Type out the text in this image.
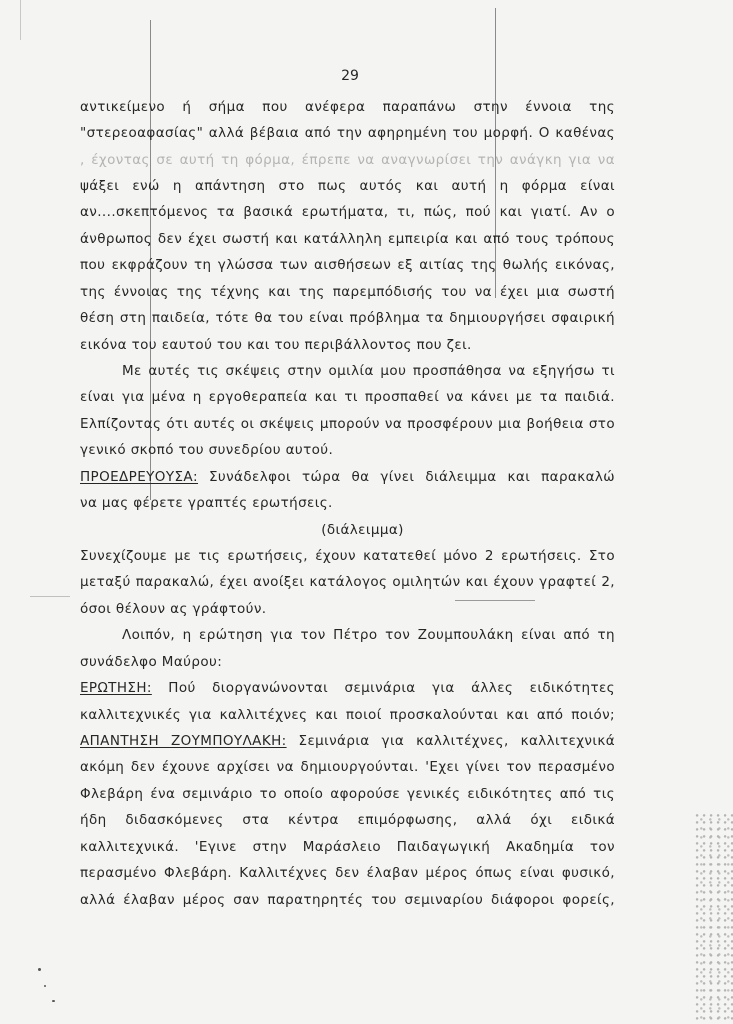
29
αντικείμενο ή σήμα που ανέφερα παραπάνω στην έννοια της
"στερεοαφασίας" αλλά βέβαια από την αφηρημένη του μορφή. Ο καθένας
, έχοντας σε αυτή τη φόρμα, έπρεπε να αναγνωρίσει την ανάγκη για να
ψάξει ενώ η απάντηση στο πως αυτός και αυτή η φόρμα είναι
αν....σκεπτόμενος τα βασικά ερωτήματα, τι, πώς, πού και γιατί. Αν ο
άνθρωπος δεν έχει σωστή και κατάλληλη εμπειρία και από τους τρόπους
που εκφράζουν τη γλώσσα των αισθήσεων εξ αιτίας της θωλής εικόνας,
της έννοιας της τέχνης και της παρεμπόδισής του να έχει μια σωστή
θέση στη παιδεία, τότε θα του είναι πρόβλημα τα δημιουργήσει σφαιρική
εικόνα του εαυτού του και του περιβάλλοντος που ζει.
Με αυτές τις σκέψεις στην ομιλία μου προσπάθησα να εξηγήσω τι
είναι για μένα η εργοθεραπεία και τι προσπαθεί να κάνει με τα παιδιά.
Ελπίζοντας ότι αυτές οι σκέψεις μπορούν να προσφέρουν μια βοήθεια στο
γενικό σκοπό του συνεδρίου αυτού.
ΠΡΟΕΔΡΕΥΟΥΣΑ: Συνάδελφοι τώρα θα γίνει διάλειμμα και παρακαλώ
να μας φέρετε γραπτές ερωτήσεις.
(διάλειμμα)
Συνεχίζουμε με τις ερωτήσεις, έχουν κατατεθεί μόνο 2 ερωτήσεις. Στο
μεταξύ παρακαλώ, έχει ανοίξει κατάλογος ομιλητών και έχουν γραφτεί 2,
όσοι θέλουν ας γράφτούν.
Λοιπόν, η ερώτηση για τον Πέτρο τον Ζουμπουλάκη είναι από τη
συνάδελφο Μαύρου:
ΕΡΩΤΗΣΗ: Πού διοργανώνονται σεμινάρια για άλλες ειδικότητες
καλλιτεχνικές για καλλιτέχνες και ποιοί προσκαλούνται και από ποιόν;
ΑΠΑΝΤΗΣΗ ΖΟΥΜΠΟΥΛΑΚΗ: Σεμινάρια για καλλιτέχνες, καλλιτεχνικά
ακόμη δεν έχουνε αρχίσει να δημιουργούνται. 'Εχει γίνει τον περασμένο
Φλεβάρη ένα σεμινάριο το οποίο αφορούσε γενικές ειδικότητες από τις
ήδη διδασκόμενες στα κέντρα επιμόρφωσης, αλλά όχι ειδικά
καλλιτεχνικά. 'Εγινε στην Μαράσλειο Παιδαγωγική Ακαδημία τον
περασμένο Φλεβάρη. Καλλιτέχνες δεν έλαβαν μέρος όπως είναι φυσικό,
αλλά έλαβαν μέρος σαν παρατηρητές του σεμιναρίου διάφοροι φορείς,
